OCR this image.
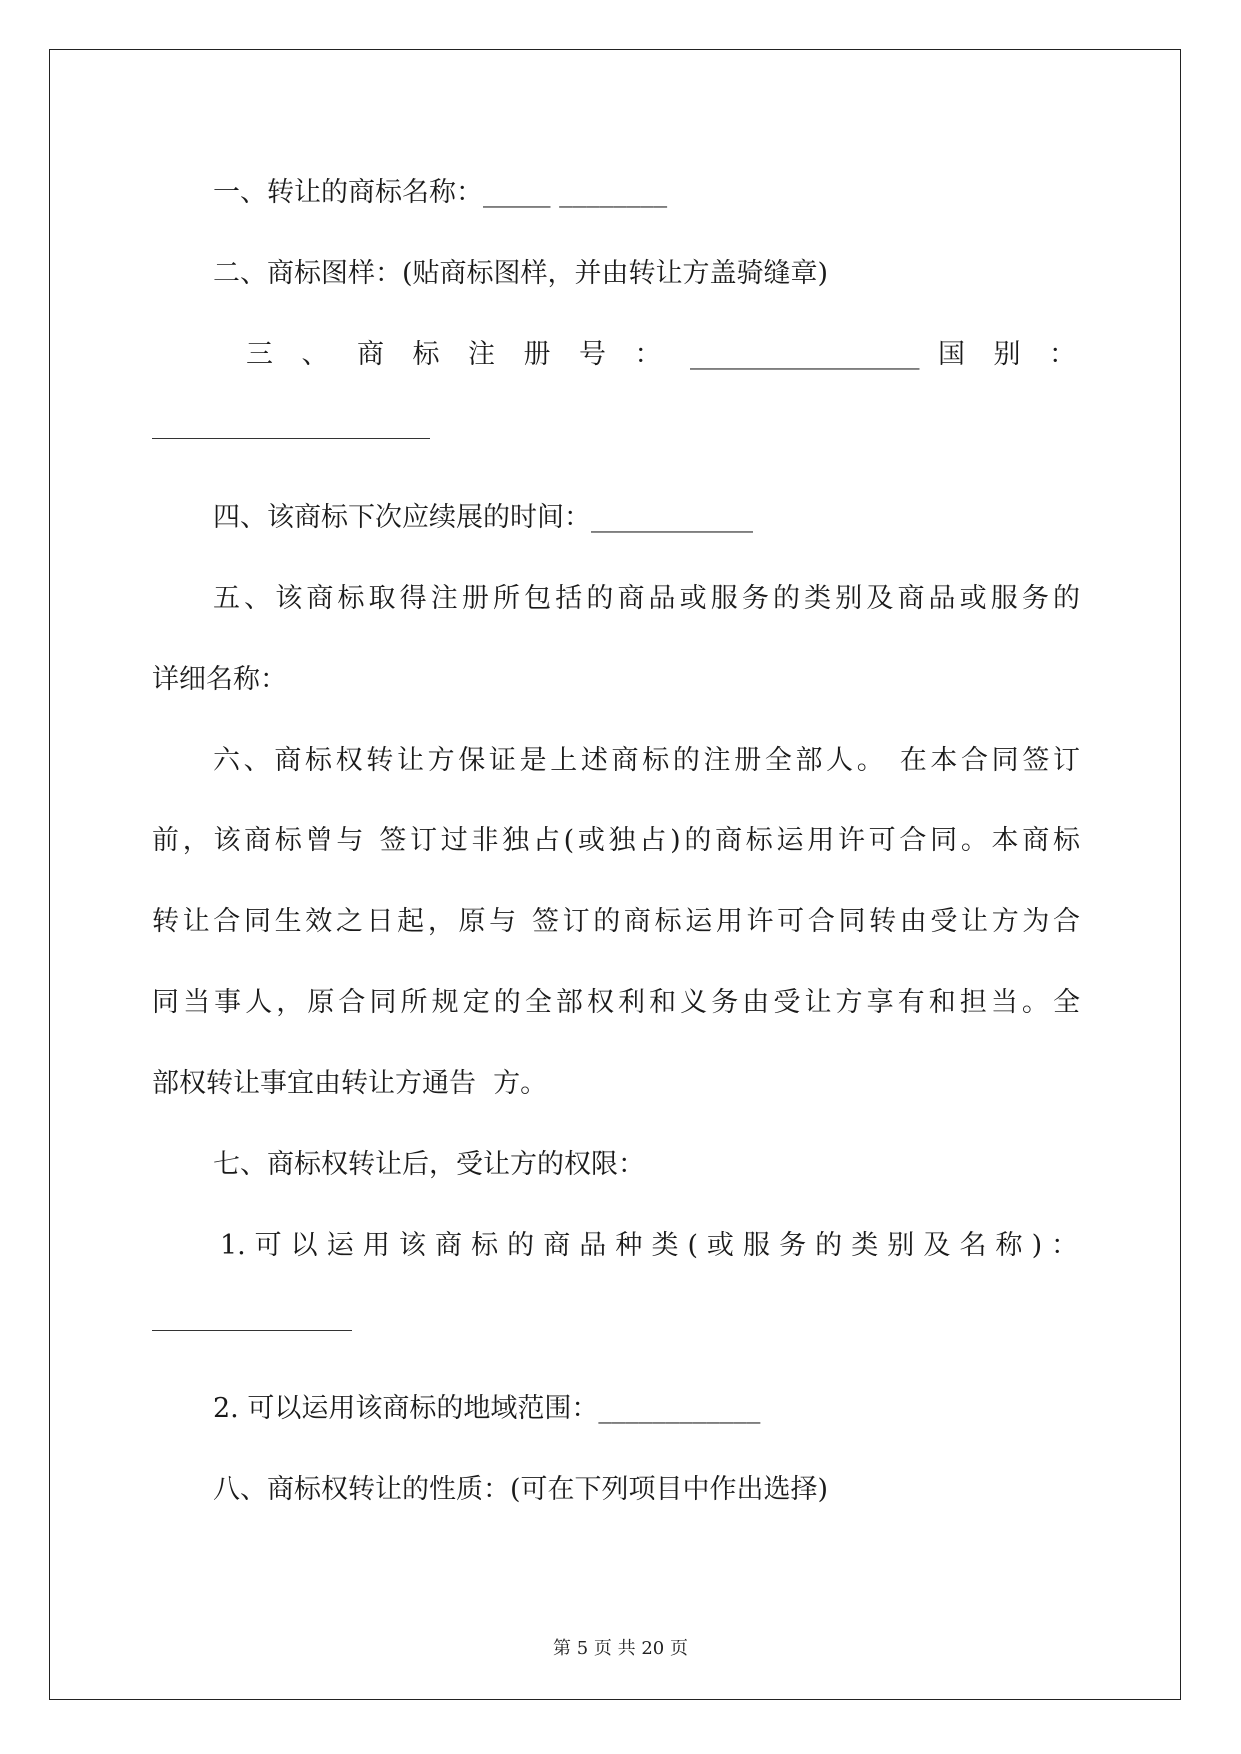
一、转让的商标名称：_____ ________
二、商标图样：(贴商标图样，并由转让方盖骑缝章)
三 、 商 标 注 册 号 ： _________________ 国 别 ：
四、该商标下次应续展的时间：____________
五、该商标取得注册所包括的商品或服务的类别及商品或服务的
详细名称：
六、商标权转让方保证是上述商标的注册全部人。 在本合同签订
前，该商标曾与 签订过非独占(或独占)的商标运用许可合同。本商标
转让合同生效之日起，原与 签订的商标运用许可合同转由受让方为合
同当事人，原合同所规定的全部权利和义务由受让方享有和担当。全
部权转让事宜由转让方通告  方。
七、商标权转让后，受让方的权限：
1. 可 以 运 用 该 商 标 的 商 品 种 类 ( 或 服 务 的 类 别 及 名 称 ) ：
2. 可以运用该商标的地域范围：____________
八、商标权转让的性质：(可在下列项目中作出选择)
第 5 页 共 20 页
